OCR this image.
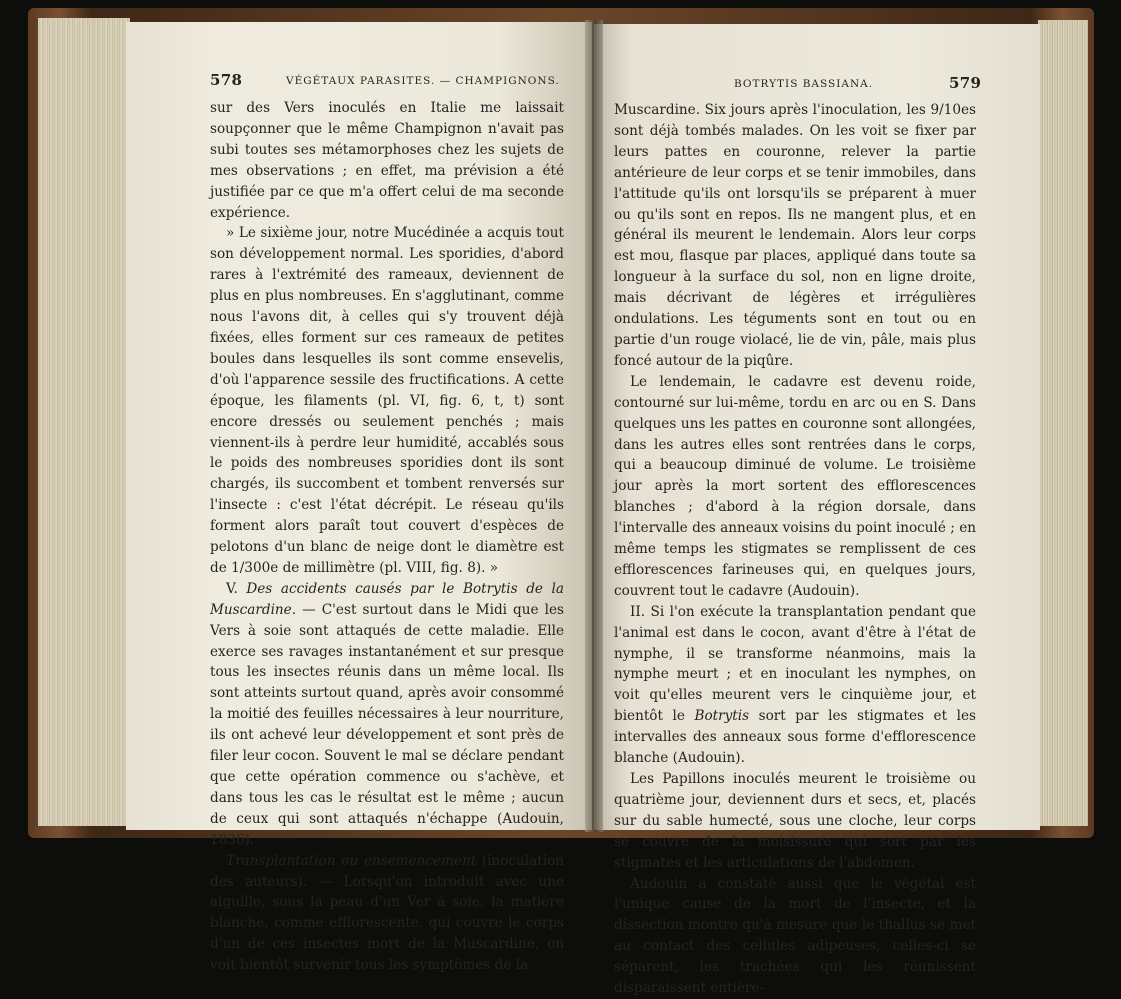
578	VÉGÉTAUX PARASITES. — CHAMPIGNONS.

sur des Vers inoculés en Italie me laissait soupçonner que le même Champignon n'avait pas subi toutes ses métamorphoses chez les sujets de mes observations ; en effet, ma prévision a été justifiée par ce que m'a offert celui de ma seconde expérience.

» Le sixième jour, notre Mucédinée a acquis tout son développement normal. Les sporidies, d'abord rares à l'extrémité des rameaux, deviennent de plus en plus nombreuses. En s'agglutinant, comme nous l'avons dit, à celles qui s'y trouvent déjà fixées, elles forment sur ces rameaux de petites boules dans lesquelles ils sont comme ensevelis, d'où l'apparence sessile des fructifications. A cette époque, les filaments (pl. VI, fig. 6, t, t) sont encore dressés ou seulement penchés ; mais viennent-ils à perdre leur humidité, accablés sous le poids des nombreuses sporidies dont ils sont chargés, ils succombent et tombent renversés sur l'insecte : c'est l'état décrépit. Le réseau qu'ils forment alors paraît tout couvert d'espèces de pelotons d'un blanc de neige dont le diamètre est de 1/300e de millimètre (pl. VIII, fig. 8). »

V. Des accidents causés par le Botrytis de la Muscardine. — C'est surtout dans le Midi que les Vers à soie sont attaqués de cette maladie. Elle exerce ses ravages instantanément et sur presque tous les insectes réunis dans un même local. Ils sont atteints surtout quand, après avoir consommé la moitié des feuilles nécessaires à leur nourriture, ils ont achevé leur développement et sont près de filer leur cocon. Souvent le mal se déclare pendant que cette opération commence ou s'achève, et dans tous les cas le résultat est le même ; aucun de ceux qui sont attaqués n'échappe (Audouin, 1836).

Transplantation ou ensemencement (inoculation des auteurs). — Lorsqu'on introduit avec une aiguille, sous la peau d'un Ver à soie, la matière blanche, comme efflorescente, qui couvre le corps d'un de ces insectes mort de la Muscardine, on voit bientôt survenir tous les symptômes de la

BOTRYTIS BASSIANA.	579

Muscardine. Six jours après l'inoculation, les 9/10es sont déjà tombés malades. On les voit se fixer par leurs pattes en couronne, relever la partie antérieure de leur corps et se tenir immobiles, dans l'attitude qu'ils ont lorsqu'ils se préparent à muer ou qu'ils sont en repos. Ils ne mangent plus, et en général ils meurent le lendemain. Alors leur corps est mou, flasque par places, appliqué dans toute sa longueur à la surface du sol, non en ligne droite, mais décrivant de légères et irrégulières ondulations. Les téguments sont en tout ou en partie d'un rouge violacé, lie de vin, pâle, mais plus foncé autour de la piqûre.

Le lendemain, le cadavre est devenu roide, contourné sur lui-même, tordu en arc ou en S. Dans quelques uns les pattes en couronne sont allongées, dans les autres elles sont rentrées dans le corps, qui a beaucoup diminué de volume. Le troisième jour après la mort sortent des efflorescences blanches ; d'abord à la région dorsale, dans l'intervalle des anneaux voisins du point inoculé ; en même temps les stigmates se remplissent de ces efflorescences farineuses qui, en quelques jours, couvrent tout le cadavre (Audouin).

II. Si l'on exécute la transplantation pendant que l'animal est dans le cocon, avant d'être à l'état de nymphe, il se transforme néanmoins, mais la nymphe meurt ; et en inoculant les nymphes, on voit qu'elles meurent vers le cinquième jour, et bientôt le Botrytis sort par les stigmates et les intervalles des anneaux sous forme d'efflorescence blanche (Audouin).

Les Papillons inoculés meurent le troisième ou quatrième jour, deviennent durs et secs, et, placés sur du sable humecté, sous une cloche, leur corps se couvre de la moisissure qui sort par les stigmates et les articulations de l'abdomen.

Audouin a constaté aussi que le végétal est l'unique cause de la mort de l'insecte, et la dissection montre qu'à mesure que le thallus se met au contact des cellules adipeuses, celles-ci se séparent, les trachées qui les réunissent disparaissent entière-
